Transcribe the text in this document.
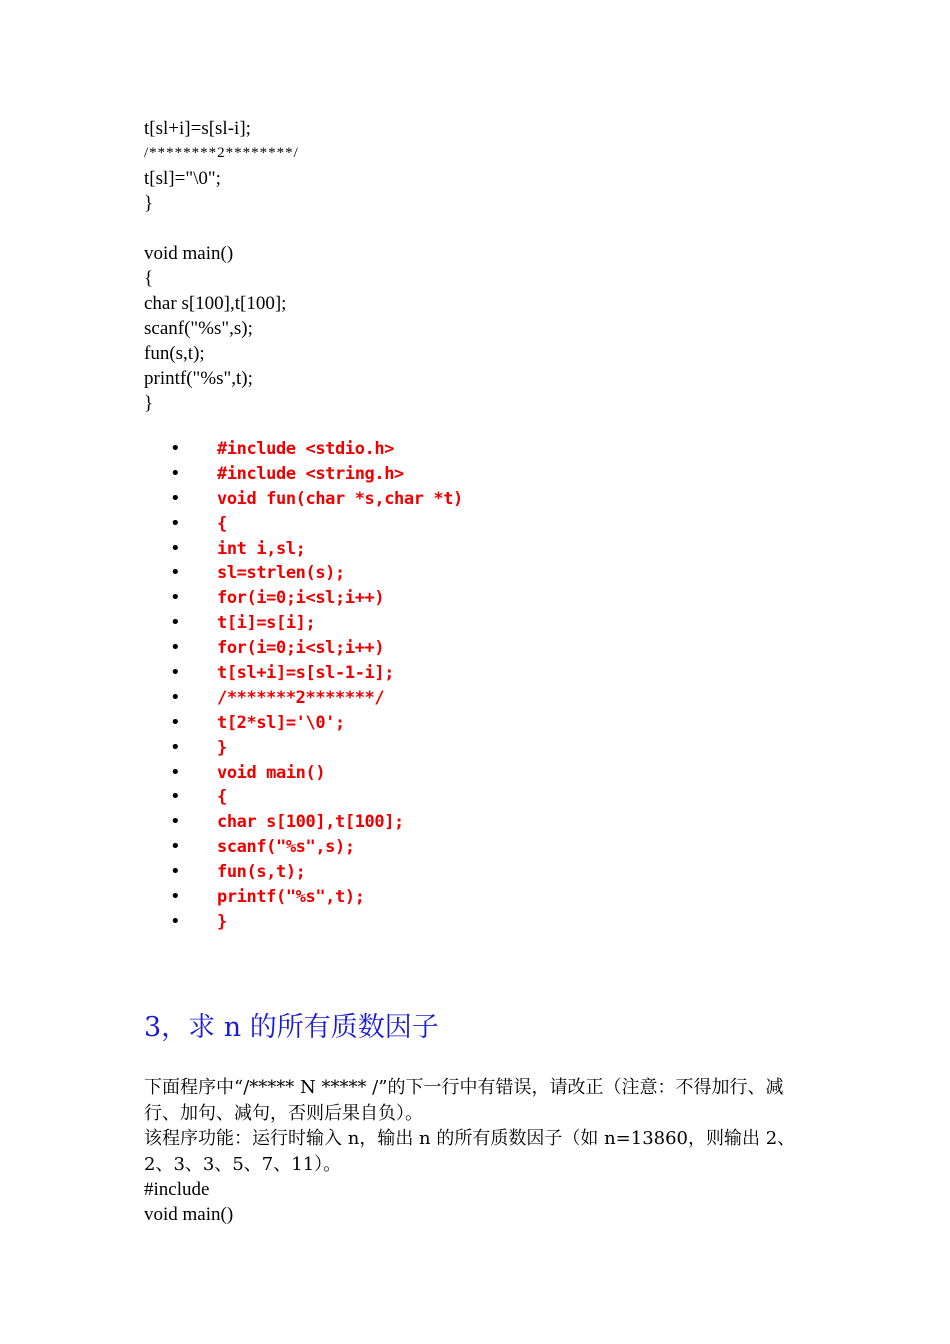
t[sl+i]=s[sl-i];
/********2********/
t[sl]="\0";
}
void main()
{
char s[100],t[100];
scanf("%s",s);
fun(s,t);
printf("%s",t);
}
• #include <stdio.h>
• #include <string.h>
• void fun(char *s,char *t)
• {
• int i,sl;
• sl=strlen(s);
• for(i=0;i<sl;i++)
• t[i]=s[i];
• for(i=0;i<sl;i++)
• t[sl+i]=s[sl-1-i];
• /*******2*******/
• t[2*sl]='\0';
• }
• void main()
• {
• char s[100],t[100];
• scanf("%s",s);
• fun(s,t);
• printf("%s",t);
• }
3，求 n 的所有质数因子
下面程序中“/***** N ***** /”的下一行中有错误，请改正（注意：不得加行、减行、加句、减句，否则后果自负）。
该程序功能：运行时输入 n，输出 n 的所有质数因子（如 n=13860，则输出 2、2、3、3、5、7、11）。
#include
void main()
